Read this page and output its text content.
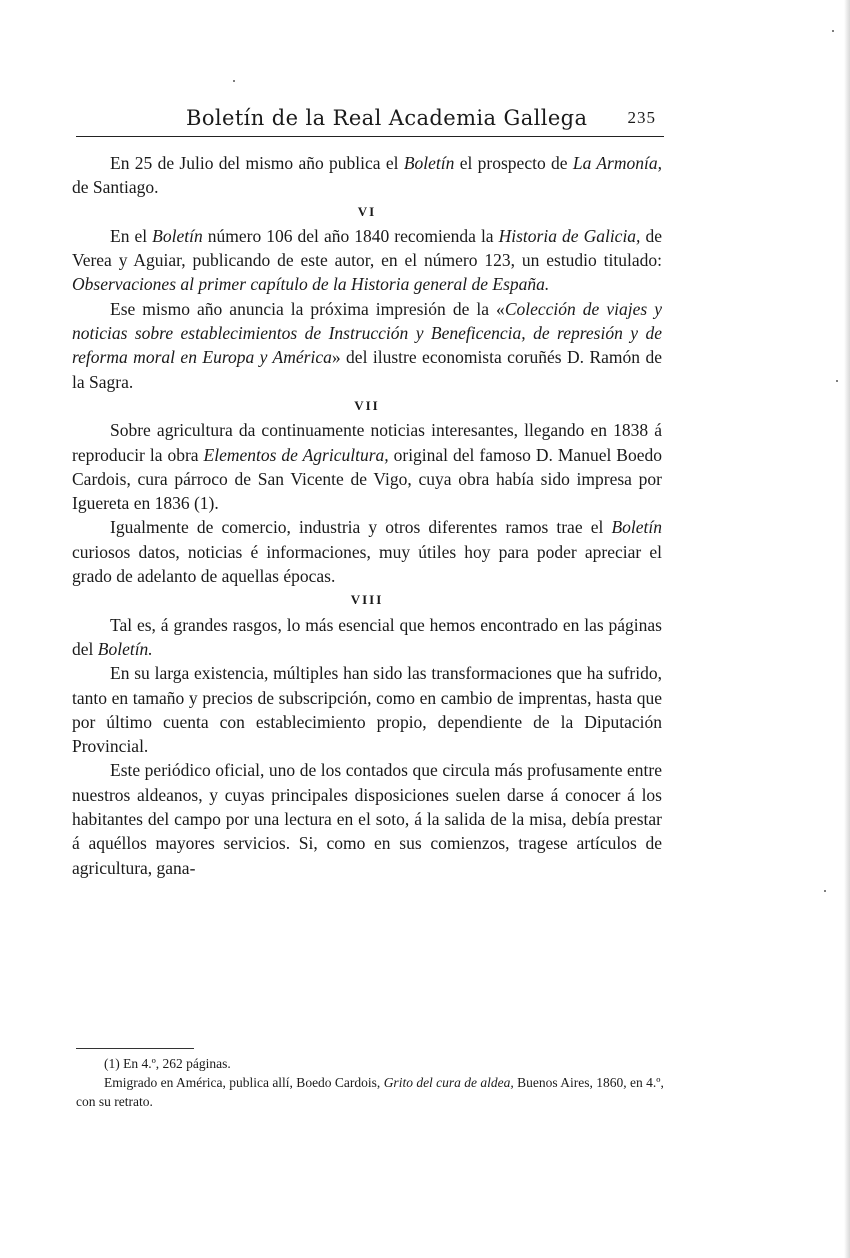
Boletín de la Real Academia Gallega 235

En 25 de Julio del mismo año publica el Boletín el prospecto de La Armonía, de Santiago.

VI

En el Boletín número 106 del año 1840 recomienda la Historia de Galicia, de Verea y Aguiar, publicando de este autor, en el número 123, un estudio titulado: Observaciones al primer capítulo de la Historia general de España.

Ese mismo año anuncia la próxima impresión de la «Colección de viajes y noticias sobre establecimientos de Instrucción y Beneficencia, de represión y de reforma moral en Europa y América» del ilustre economista coruñés D. Ramón de la Sagra.

VII

Sobre agricultura da continuamente noticias interesantes, llegando en 1838 á reproducir la obra Elementos de Agricultura, original del famoso D. Manuel Boedo Cardois, cura párroco de San Vicente de Vigo, cuya obra había sido impresa por Iguereta en 1836 (1).

Igualmente de comercio, industria y otros diferentes ramos trae el Boletín curiosos datos, noticias é informaciones, muy útiles hoy para poder apreciar el grado de adelanto de aquellas épocas.

VIII

Tal es, á grandes rasgos, lo más esencial que hemos encontrado en las páginas del Boletín.

En su larga existencia, múltiples han sido las transformaciones que ha sufrido, tanto en tamaño y precios de subscripción, como en cambio de imprentas, hasta que por último cuenta con establecimiento propio, dependiente de la Diputación Provincial.

Este periódico oficial, uno de los contados que circula más profusamente entre nuestros aldeanos, y cuyas principales disposiciones suelen darse á conocer á los habitantes del campo por una lectura en el soto, á la salida de la misa, debía prestar á aquéllos mayores servicios. Si, como en sus comienzos, tragese artículos de agricultura, gana-

(1) En 4.º, 262 páginas.

Emigrado en América, publica allí, Boedo Cardois, Grito del cura de aldea, Buenos Aires, 1860, en 4.º, con su retrato.
